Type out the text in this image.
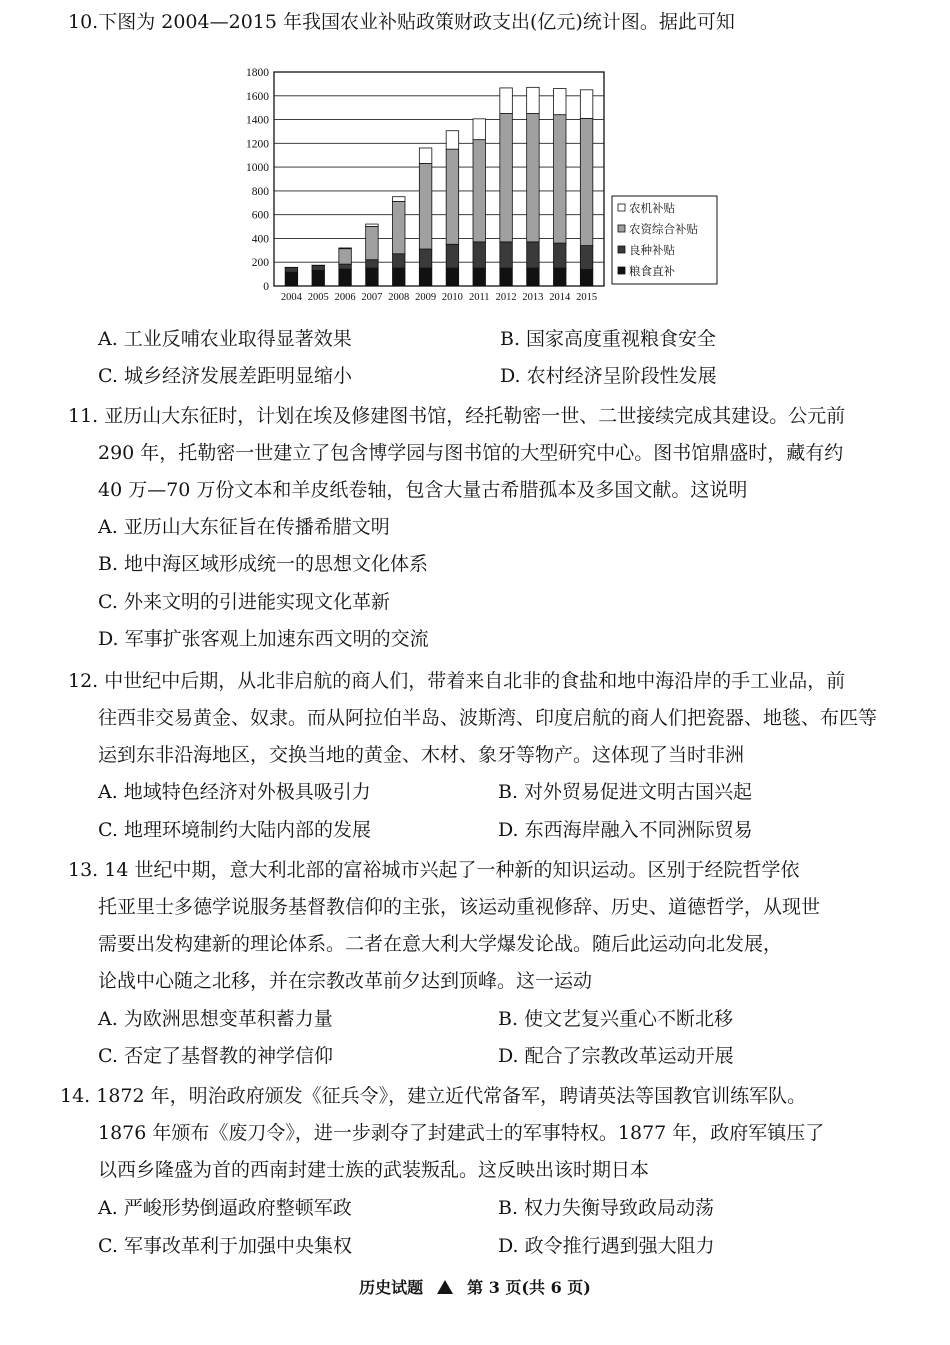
10.下图为 2004—2015 年我国农业补贴政策财政支出(亿元)统计图。据此可知
0
200
400
600
800
1000
1200
1400
1600
1800
2004 2005 2006 2007 2008 2009 2010 2011 2012 2013 2014 2015
农机补贴
农资综合补贴
良种补贴
粮食直补
A. 工业反哺农业取得显著效果	B. 国家高度重视粮食安全
C. 城乡经济发展差距明显缩小	D. 农村经济呈阶段性发展
11. 亚历山大东征时，计划在埃及修建图书馆，经托勒密一世、二世接续完成其建设。公元前
290 年，托勒密一世建立了包含博学园与图书馆的大型研究中心。图书馆鼎盛时，藏有约
40 万—70 万份文本和羊皮纸卷轴，包含大量古希腊孤本及多国文献。这说明
A. 亚历山大东征旨在传播希腊文明
B. 地中海区域形成统一的思想文化体系
C. 外来文明的引进能实现文化革新
D. 军事扩张客观上加速东西文明的交流
12. 中世纪中后期，从北非启航的商人们，带着来自北非的食盐和地中海沿岸的手工业品，前
往西非交易黄金、奴隶。而从阿拉伯半岛、波斯湾、印度启航的商人们把瓷器、地毯、布匹等
运到东非沿海地区，交换当地的黄金、木材、象牙等物产。这体现了当时非洲
A. 地域特色经济对外极具吸引力	B. 对外贸易促进文明古国兴起
C. 地理环境制约大陆内部的发展	D. 东西海岸融入不同洲际贸易
13. 14 世纪中期，意大利北部的富裕城市兴起了一种新的知识运动。区别于经院哲学依
托亚里士多德学说服务基督教信仰的主张，该运动重视修辞、历史、道德哲学，从现世
需要出发构建新的理论体系。二者在意大利大学爆发论战。随后此运动向北发展，
论战中心随之北移，并在宗教改革前夕达到顶峰。这一运动
A. 为欧洲思想变革积蓄力量	B. 使文艺复兴重心不断北移
C. 否定了基督教的神学信仰	D. 配合了宗教改革运动开展
14. 1872 年，明治政府颁发《征兵令》，建立近代常备军，聘请英法等国教官训练军队。
1876 年颁布《废刀令》，进一步剥夺了封建武士的军事特权。1877 年，政府军镇压了
以西乡隆盛为首的西南封建士族的武装叛乱。这反映出该时期日本
A. 严峻形势倒逼政府整顿军政	B. 权力失衡导致政局动荡
C. 军事改革利于加强中央集权	D. 政令推行遇到强大阻力
历史试题	第 3 页(共 6 页)
